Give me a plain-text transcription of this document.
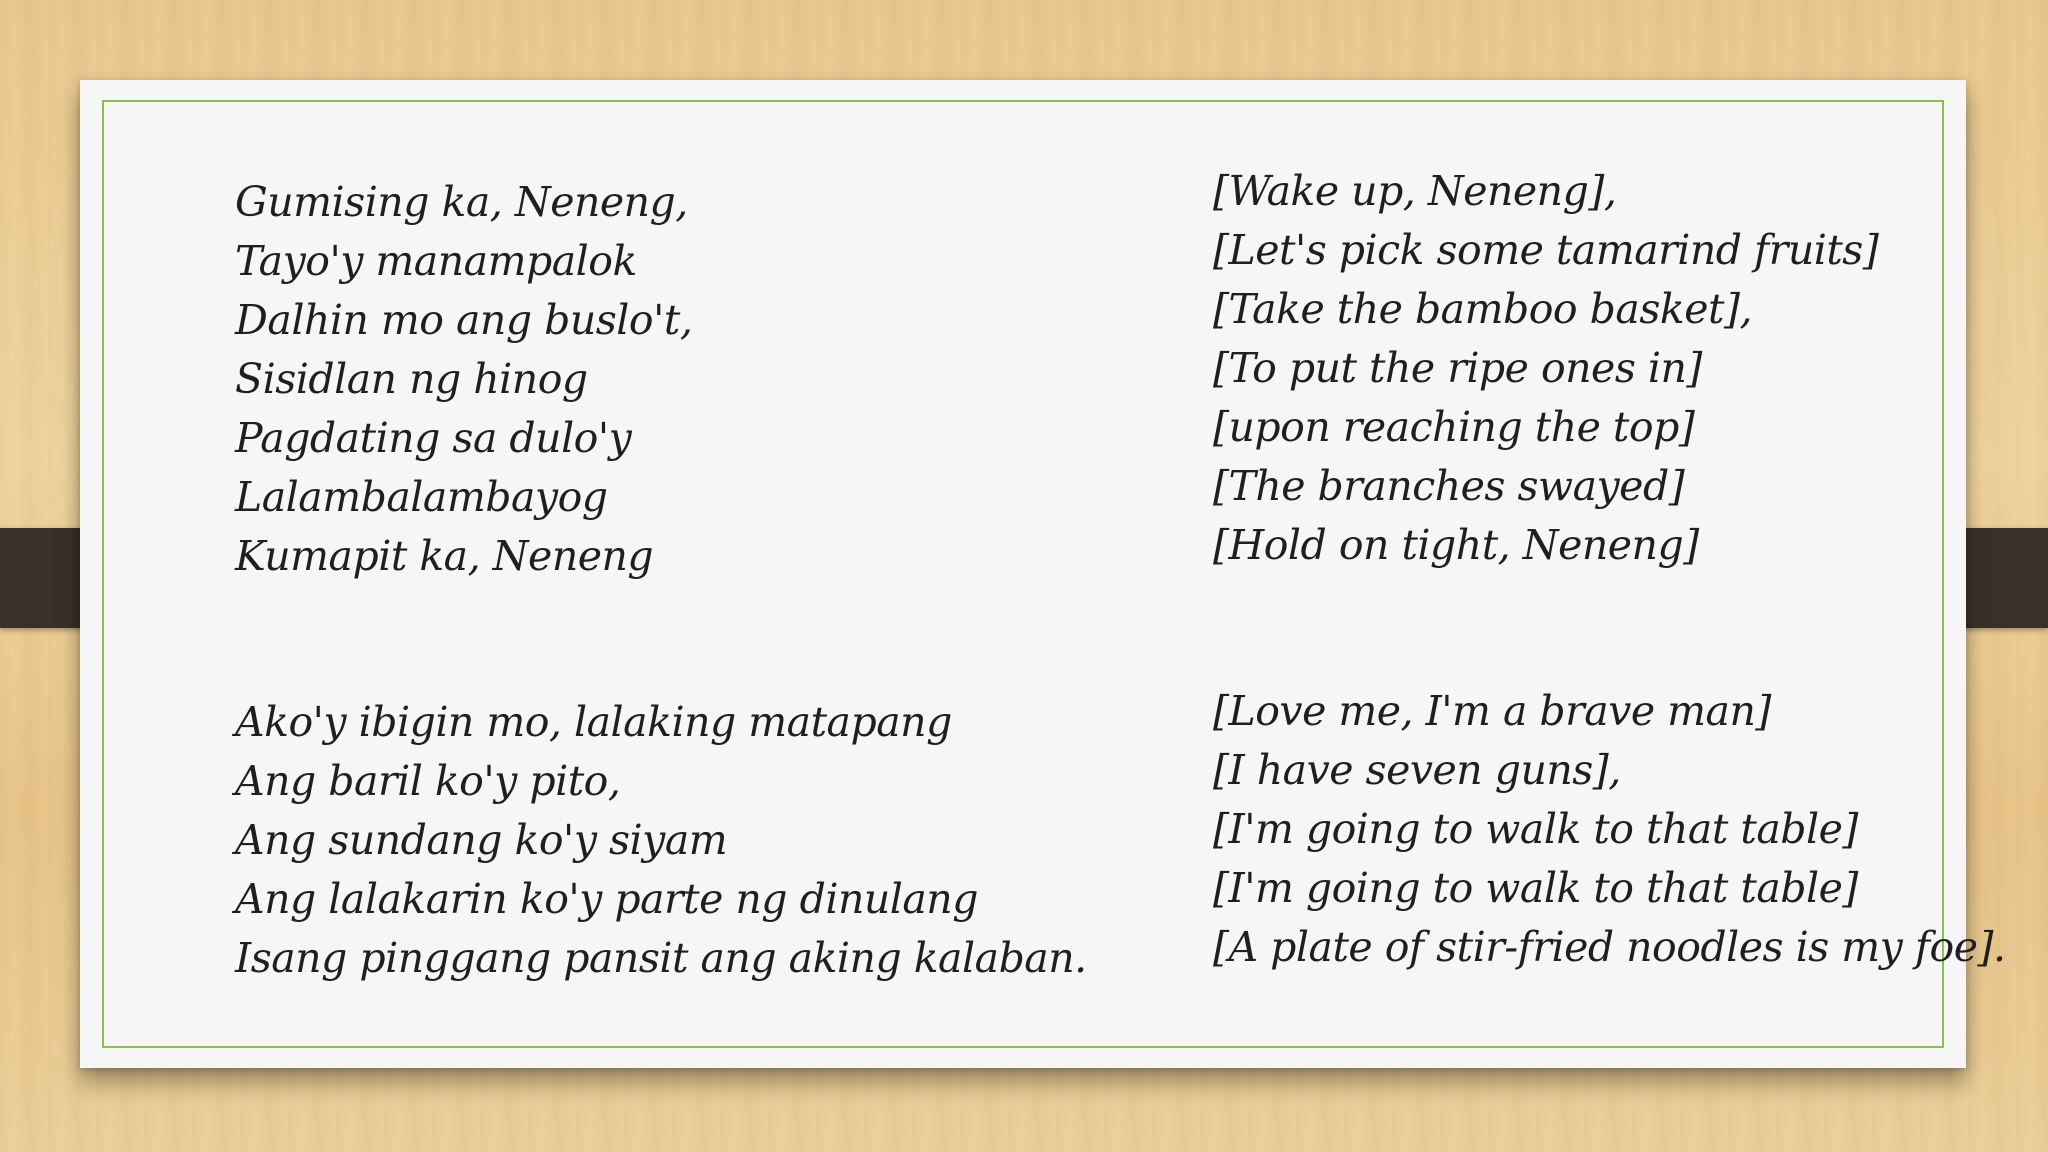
Gumising ka, Neneng,
Tayo'y manampalok
Dalhin mo ang buslo't,
Sisidlan ng hinog
Pagdating sa dulo'y
Lalambalambayog
Kumapit ka, Neneng
[Wake up, Neneng],
[Let's pick some tamarind fruits]
[Take the bamboo basket],
[To put the ripe ones in]
[upon reaching the top]
[The branches swayed]
[Hold on tight, Neneng]
Ako'y ibigin mo, lalaking matapang
Ang baril ko'y pito,
Ang sundang ko'y siyam
Ang lalakarin ko'y parte ng dinulang
Isang pinggang pansit ang aking kalaban.
[Love me, I'm a brave man]
[I have seven guns],
[I'm going to walk to that table]
[I'm going to walk to that table]
[A plate of stir-fried noodles is my foe].
